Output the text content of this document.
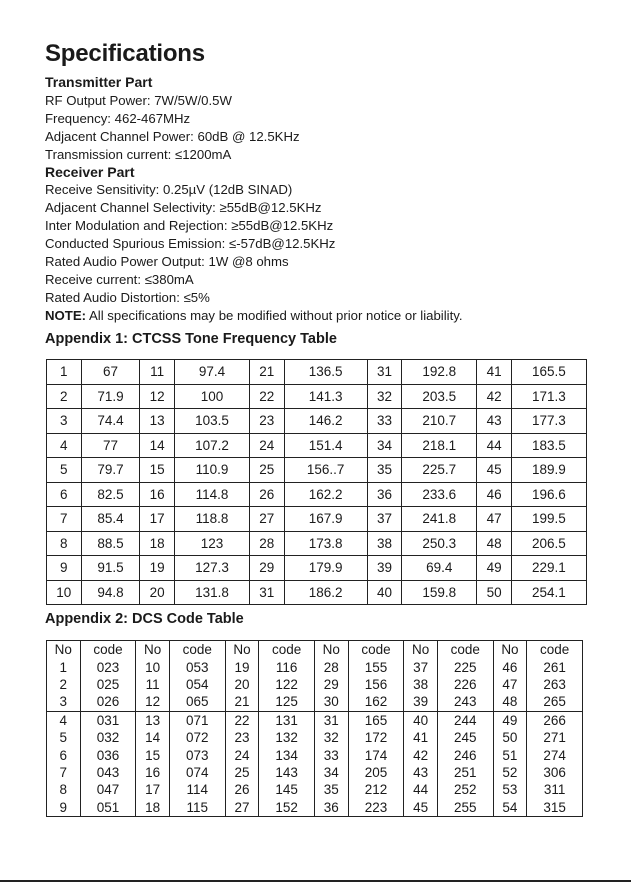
Specifications
Transmitter Part
RF Output Power: 7W/5W/0.5W
Frequency: 462-467MHz
Adjacent Channel Power: 60dB @ 12.5KHz
Transmission current: ≤1200mA
Receiver Part
Receive Sensitivity: 0.25µV (12dB SINAD)
Adjacent Channel Selectivity: ≥55dB@12.5KHz
Inter Modulation and Rejection: ≥55dB@12.5KHz
Conducted Spurious Emission: ≤-57dB@12.5KHz
Rated Audio Power Output: 1W @8 ohms
Receive current: ≤380mA
Rated Audio Distortion: ≤5%
NOTE: All specifications may be modified without prior notice or liability.
Appendix 1: CTCSS Tone Frequency Table
1	67	11	97.4	21	136.5	31	192.8	41	165.5
2	71.9	12	100	22	141.3	32	203.5	42	171.3
3	74.4	13	103.5	23	146.2	33	210.7	43	177.3
4	77	14	107.2	24	151.4	34	218.1	44	183.5
5	79.7	15	110.9	25	156..7	35	225.7	45	189.9
6	82.5	16	114.8	26	162.2	36	233.6	46	196.6
7	85.4	17	118.8	27	167.9	37	241.8	47	199.5
8	88.5	18	123	28	173.8	38	250.3	48	206.5
9	91.5	19	127.3	29	179.9	39	69.4	49	229.1
10	94.8	20	131.8	31	186.2	40	159.8	50	254.1
Appendix 2: DCS Code Table
No	code	No	code	No	code	No	code	No	code	No	code
1	023	10	053	19	116	28	155	37	225	46	261
2	025	11	054	20	122	29	156	38	226	47	263
3	026	12	065	21	125	30	162	39	243	48	265
4	031	13	071	22	131	31	165	40	244	49	266
5	032	14	072	23	132	32	172	41	245	50	271
6	036	15	073	24	134	33	174	42	246	51	274
7	043	16	074	25	143	34	205	43	251	52	306
8	047	17	114	26	145	35	212	44	252	53	311
9	051	18	115	27	152	36	223	45	255	54	315
